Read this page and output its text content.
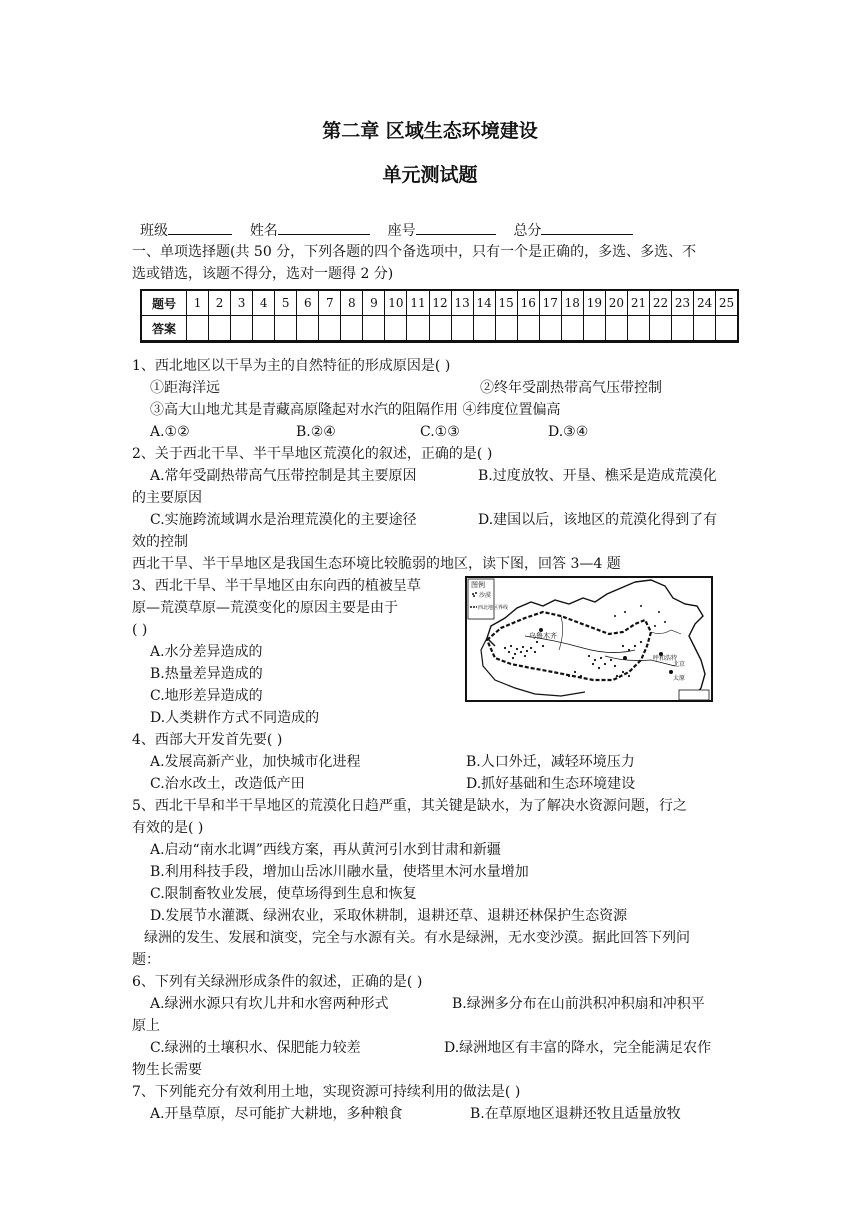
第二章 区域生态环境建设
单元测试题
班级	姓名	座号	总分
一、单项选择题(共 50 分，下列各题的四个备选项中，只有一个是正确的，多选、多选、不
选或错选，该题不得分，选对一题得 2 分)
题号	1	2	3	4	5	6	7	8	9	10	11	12	13	14	15	16	17	18	19	20	21	22	23	24	25
答案																									
1、西北地区以干旱为主的自然特征的形成原因是( )
①距海洋远	②终年受副热带高气压带控制
③高大山地尤其是青藏高原隆起对水汽的阻隔作用 ④纬度位置偏高
A.①②	B.②④	C.①③	D.③④
2、关于西北干旱、半干旱地区荒漠化的叙述，正确的是( )
A.常年受副热带高气压带控制是其主要原因	B.过度放牧、开垦、樵采是造成荒漠化
的主要原因
C.实施跨流域调水是治理荒漠化的主要途径	D.建国以后，该地区的荒漠化得到了有
效的控制
西北干旱、半干旱地区是我国生态环境比较脆弱的地区，读下图，回答 3—4 题
3、西北干旱、半干旱地区由东向西的植被呈草
原—荒漠草原—荒漠变化的原因主要是由于
( )
A.水分差异造成的
B.热量差异造成的
C.地形差异造成的
D.人类耕作方式不同造成的
图例
沙漠
西北地区界线
乌鲁木齐
呼和浩特
北京
太原
4、西部大开发首先要( )
A.发展高新产业，加快城市化进程	B.人口外迁，减轻环境压力
C.治水改土，改造低产田	D.抓好基础和生态环境建设
5、西北干旱和半干旱地区的荒漠化日趋严重，其关键是缺水，为了解决水资源问题，行之
有效的是( )
A.启动“南水北调”西线方案，再从黄河引水到甘肃和新疆
B.利用科技手段，增加山岳冰川融水量，使塔里木河水量增加
C.限制畜牧业发展，使草场得到生息和恢复
D.发展节水灌溉、绿洲农业，采取休耕制，退耕还草、退耕还林保护生态资源
绿洲的发生、发展和演变，完全与水源有关。有水是绿洲，无水变沙漠。据此回答下列问
题：
6、下列有关绿洲形成条件的叙述，正确的是( )
A.绿洲水源只有坎儿井和水窖两种形式	B.绿洲多分布在山前洪积冲积扇和冲积平
原上
C.绿洲的土壤积水、保肥能力较差	D.绿洲地区有丰富的降水，完全能满足农作
物生长需要
7、下列能充分有效利用土地，实现资源可持续利用的做法是( )
A.开垦草原，尽可能扩大耕地，多种粮食	B.在草原地区退耕还牧且适量放牧
